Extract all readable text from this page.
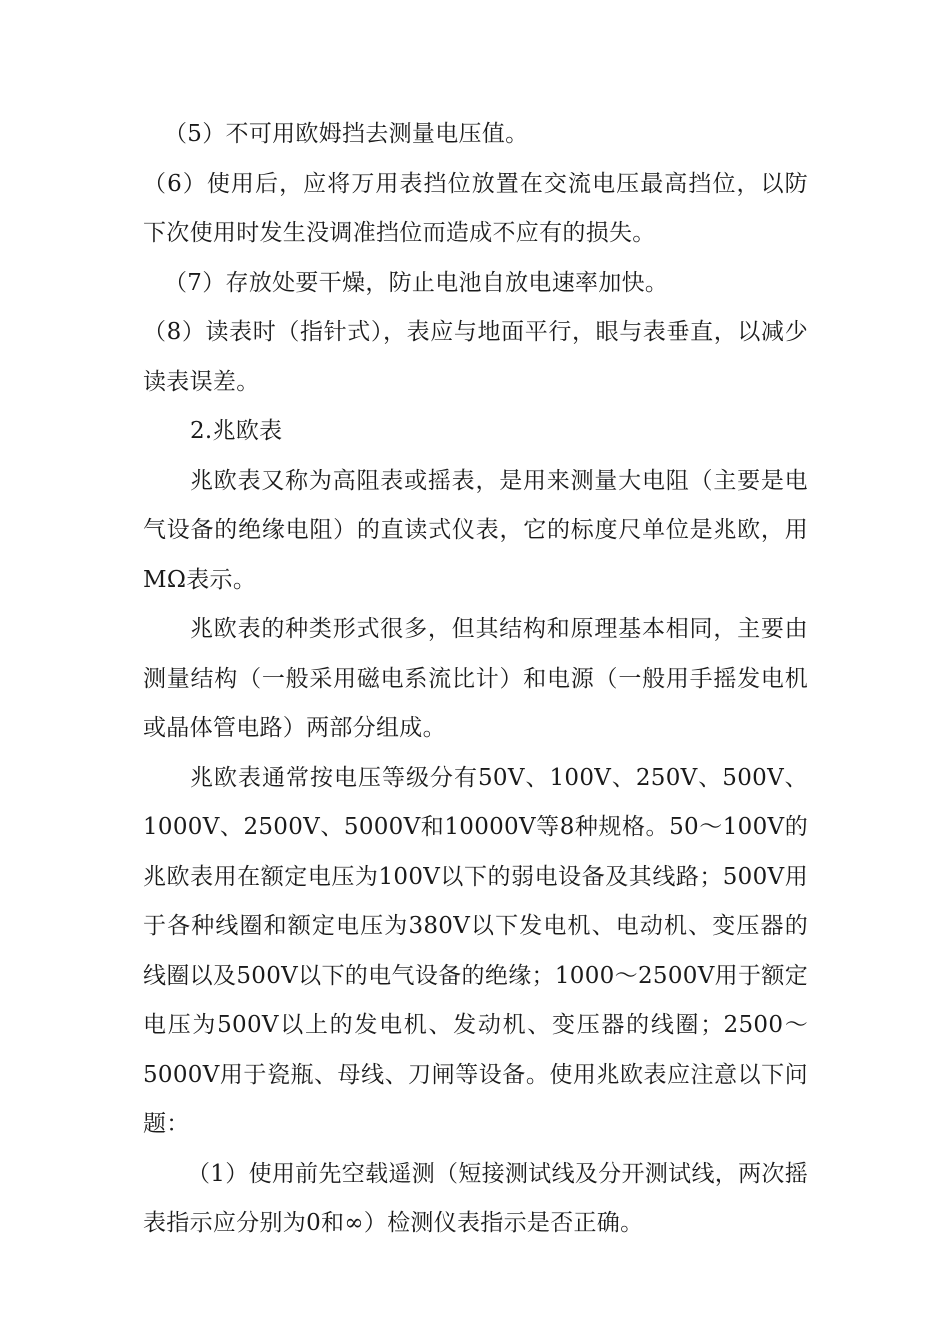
（5）不可用欧姆挡去测量电压值。

（6）使用后，应将万用表挡位放置在交流电压最高挡位，以防下次使用时发生没调准挡位而造成不应有的损失。

（7）存放处要干燥，防止电池自放电速率加快。

（8）读表时（指针式），表应与地面平行，眼与表垂直，以减少读表误差。

2.兆欧表

兆欧表又称为高阻表或摇表，是用来测量大电阻（主要是电气设备的绝缘电阻）的直读式仪表，它的标度尺单位是兆欧，用MΩ表示。

兆欧表的种类形式很多，但其结构和原理基本相同，主要由测量结构（一般采用磁电系流比计）和电源（一般用手摇发电机或晶体管电路）两部分组成。

兆欧表通常按电压等级分有50V、100V、250V、500V、1000V、2500V、5000V和10000V等8种规格。50～100V的兆欧表用在额定电压为100V以下的弱电设备及其线路；500V用于各种线圈和额定电压为380V以下发电机、电动机、变压器的线圈以及500V以下的电气设备的绝缘；1000～2500V用于额定电压为500V以上的发电机、发动机、变压器的线圈；2500～5000V用于瓷瓶、母线、刀闸等设备。使用兆欧表应注意以下问题：

（1）使用前先空载遥测（短接测试线及分开测试线，两次摇表指示应分别为0和∞）检测仪表指示是否正确。
